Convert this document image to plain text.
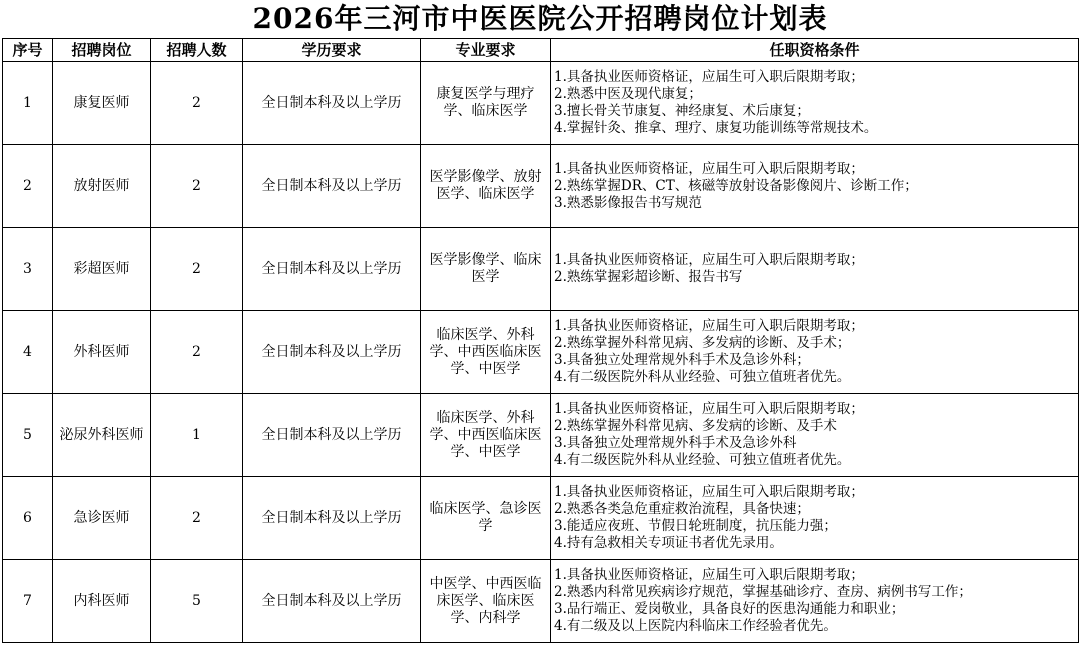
2026年三河市中医医院公开招聘岗位计划表
序号	招聘岗位	招聘人数	学历要求	专业要求	任职资格条件
1	康复医师	2	全日制本科及以上学历	康复医学与理疗学、临床医学	1.具备执业医师资格证，应届生可入职后限期考取；
2.熟悉中医及现代康复；
3.擅长骨关节康复、神经康复、术后康复；
4.掌握针灸、推拿、理疗、康复功能训练等常规技术。

2	放射医师	2	全日制本科及以上学历	医学影像学、放射医学、临床医学	1.具备执业医师资格证，应届生可入职后限期考取；
2.熟练掌握DR、CT、核磁等放射设备影像阅片、诊断工作；
3.熟悉影像报告书写规范

3	彩超医师	2	全日制本科及以上学历	医学影像学、临床医学	1.具备执业医师资格证，应届生可入职后限期考取；
2.熟练掌握彩超诊断、报告书写

4	外科医师	2	全日制本科及以上学历	临床医学、外科学、中西医临床医学、中医学	1.具备执业医师资格证，应届生可入职后限期考取；
2.熟练掌握外科常见病、多发病的诊断、及手术；
3.具备独立处理常规外科手术及急诊外科；
4.有二级医院外科从业经验、可独立值班者优先。

5	泌尿外科医师	1	全日制本科及以上学历	临床医学、外科学、中西医临床医学、中医学	1.具备执业医师资格证，应届生可入职后限期考取；
2.熟练掌握外科常见病、多发病的诊断、及手术
3.具备独立处理常规外科手术及急诊外科
4.有二级医院外科从业经验、可独立值班者优先。

6	急诊医师	2	全日制本科及以上学历	临床医学、急诊医学	1.具备执业医师资格证，应届生可入职后限期考取；
2.熟悉各类急危重症救治流程，具备快速；
3.能适应夜班、节假日轮班制度，抗压能力强；
4.持有急救相关专项证书者优先录用。

7	内科医师	5	全日制本科及以上学历	中医学、中西医临床医学、临床医学、内科学	1.具备执业医师资格证，应届生可入职后限期考取；
2.熟悉内科常见疾病诊疗规范，掌握基础诊疗、查房、病例书写工作；
3.品行端正、爱岗敬业，具备良好的医患沟通能力和职业；
4.有二级及以上医院内科临床工作经验者优先。
